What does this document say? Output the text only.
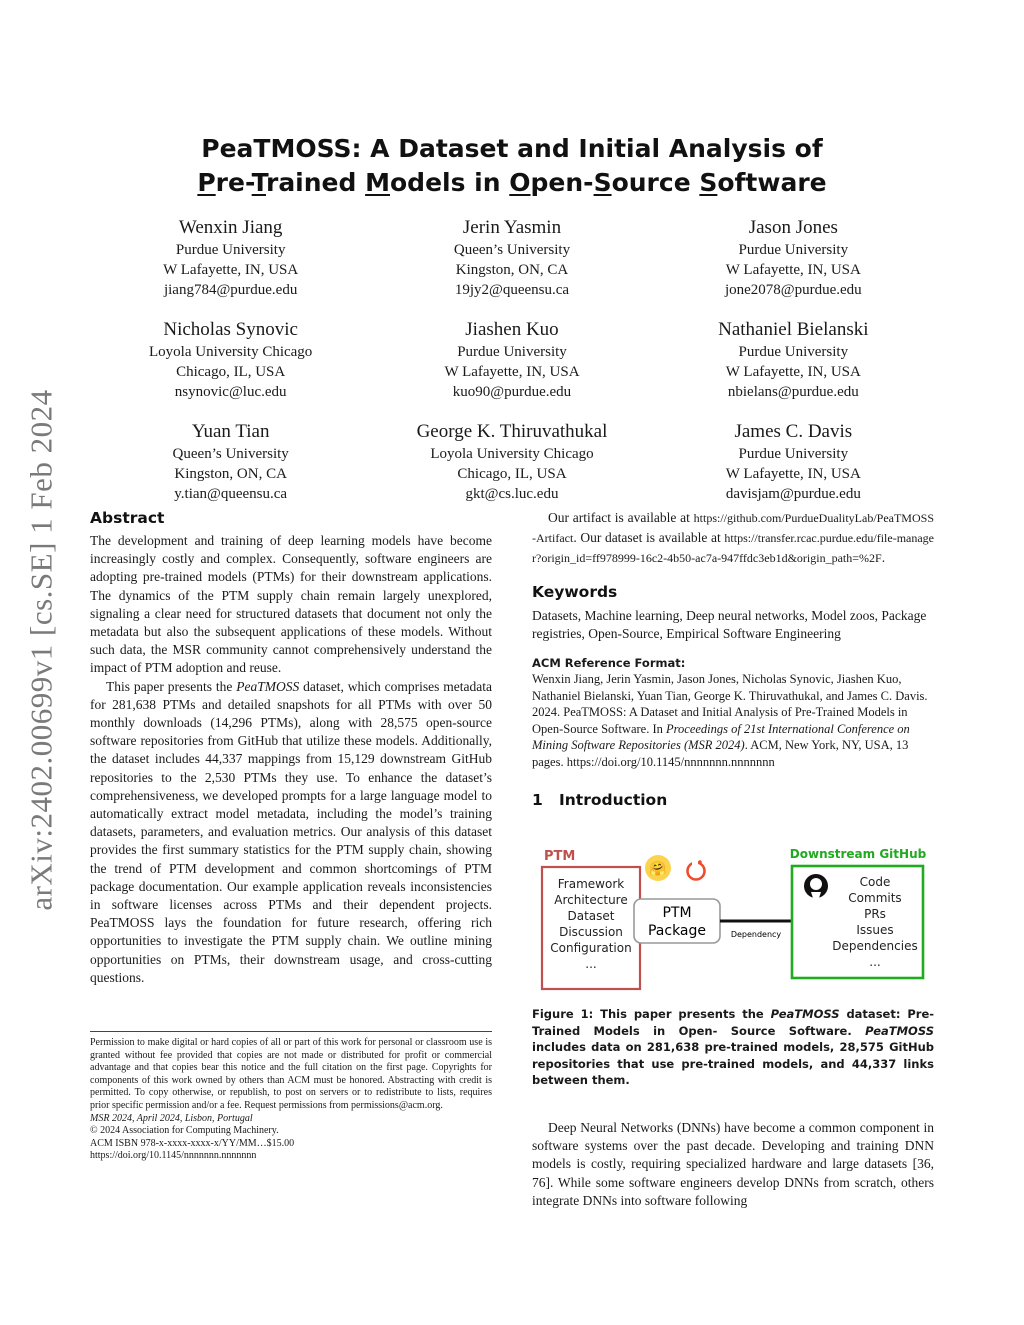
arXiv:2402.00699v1 [cs.SE] 1 Feb 2024
PeaTMOSS: A Dataset and Initial Analysis of
Pre-Trained Models in Open-Source Software
Wenxin Jiang
Purdue University
W Lafayette, IN, USA
jiang784@purdue.edu
Jerin Yasmin
Queen’s University
Kingston, ON, CA
19jy2@queensu.ca
Jason Jones
Purdue University
W Lafayette, IN, USA
jone2078@purdue.edu
Nicholas Synovic
Loyola University Chicago
Chicago, IL, USA
nsynovic@luc.edu
Jiashen Kuo
Purdue University
W Lafayette, IN, USA
kuo90@purdue.edu
Nathaniel Bielanski
Purdue University
W Lafayette, IN, USA
nbielans@purdue.edu
Yuan Tian
Queen’s University
Kingston, ON, CA
y.tian@queensu.ca
George K. Thiruvathukal
Loyola University Chicago
Chicago, IL, USA
gkt@cs.luc.edu
James C. Davis
Purdue University
W Lafayette, IN, USA
davisjam@purdue.edu
Abstract

The development and training of deep learning models have become increasingly costly and complex. Consequently, software engineers are adopting pre-trained models (PTMs) for their downstream applications. The dynamics of the PTM supply chain remain largely unexplored, signaling a clear need for structured datasets that document not only the metadata but also the subsequent applications of these models. Without such data, the MSR community cannot comprehensively understand the impact of PTM adoption and reuse.

This paper presents the PeaTMOSS dataset, which comprises metadata for 281,638 PTMs and detailed snapshots for all PTMs with over 50 monthly downloads (14,296 PTMs), along with 28,575 open-source software repositories from GitHub that utilize these models. Additionally, the dataset includes 44,337 mappings from 15,129 downstream GitHub repositories to the 2,530 PTMs they use. To enhance the dataset’s comprehensiveness, we developed prompts for a large language model to automatically extract model metadata, including the model’s training datasets, parameters, and evaluation metrics. Our analysis of this dataset provides the first summary statistics for the PTM supply chain, showing the trend of PTM development and common shortcomings of PTM package documentation. Our example application reveals inconsistencies in software licenses across PTMs and their dependent projects. PeaTMOSS lays the foundation for future research, offering rich opportunities to investigate the PTM supply chain. We outline mining opportunities on PTMs, their downstream usage, and cross-cutting questions.

Permission to make digital or hard copies of all or part of this work for personal or classroom use is granted without fee provided that copies are not made or distributed for profit or commercial advantage and that copies bear this notice and the full citation on the first page. Copyrights for components of this work owned by others than ACM must be honored. Abstracting with credit is permitted. To copy otherwise, or republish, to post on servers or to redistribute to lists, requires prior specific permission and/or a fee. Request permissions from permissions@acm.org.

MSR 2024, April 2024, Lisbon, Portugal
© 2024 Association for Computing Machinery.
ACM ISBN 978-x-xxxx-xxxx-x/YY/MM…$15.00
https://doi.org/10.1145/nnnnnnn.nnnnnnn

Our artifact is available at https://github.com/PurdueDualityLab/PeaTMOSS-Artifact. Our dataset is available at https://transfer.rcac.purdue.edu/file-manager?origin_id=ff978999-16c2-4b50-ac7a-947ffdc3eb1d&origin_path=%2F.

Keywords

Datasets, Machine learning, Deep neural networks, Model zoos, Package registries, Open-Source, Empirical Software Engineering

ACM Reference Format:

Wenxin Jiang, Jerin Yasmin, Jason Jones, Nicholas Synovic, Jiashen Kuo, Nathaniel Bielanski, Yuan Tian, George K. Thiruvathukal, and James C. Davis. 2024. PeaTMOSS: A Dataset and Initial Analysis of Pre-Trained Models in Open-Source Software. In Proceedings of 21st International Conference on Mining Software Repositories (MSR 2024). ACM, New York, NY, USA, 13 pages. https://doi.org/10.1145/nnnnnnn.nnnnnnn

1 Introduction
PTM
Framework
Architecture
Dataset
Discussion
Configuration
...
🤗
PTM
Package	Dependency
Downstream GitHub
Code
Commits
PRs
Issues
Dependencies
...

Figure 1: This paper presents the PeaTMOSS dataset: Pre-Trained Models in Open- Source Software. PeaTMOSS includes data on 281,638 pre-trained models, 28,575 GitHub repositories that use pre-trained models, and 44,337 links between them.

Deep Neural Networks (DNNs) have become a common component in software systems over the past decade. Developing and training DNN models is costly, requiring specialized hardware and large datasets [36, 76]. While some software engineers develop DNNs from scratch, others integrate DNNs into software following
